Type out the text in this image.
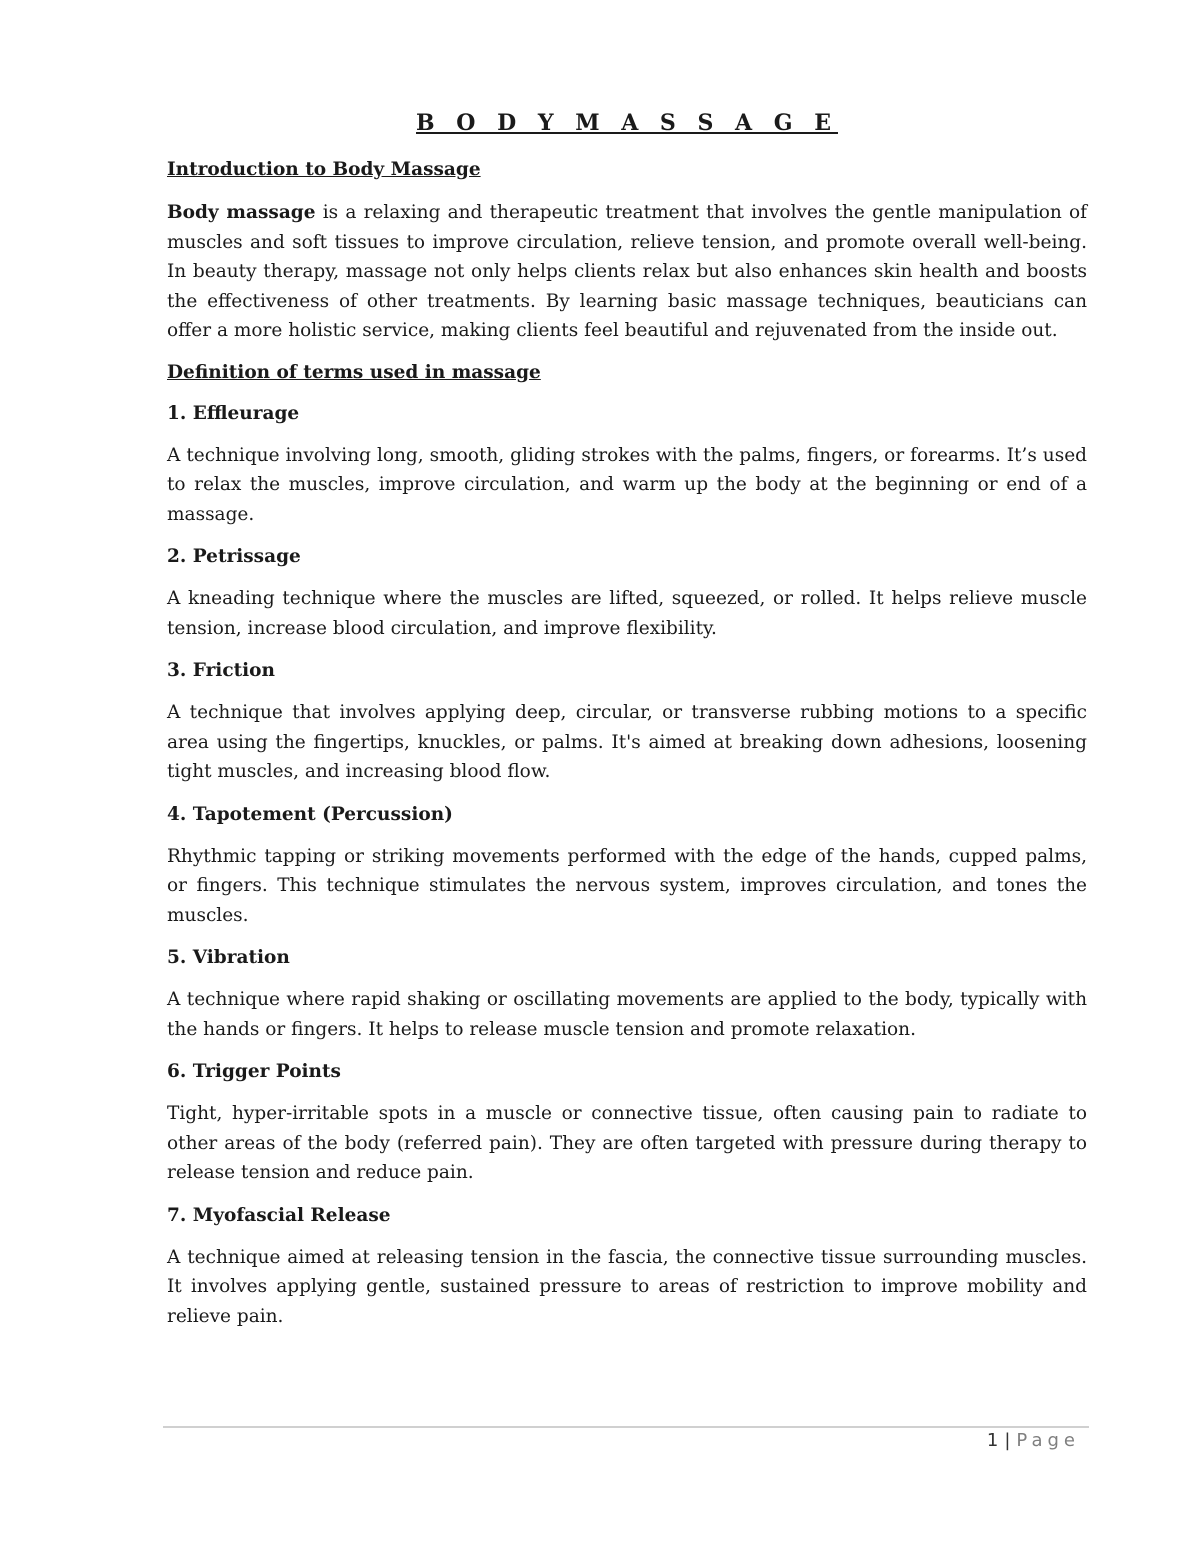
B O D Y M A S S A G E
Introduction to Body Massage

Body massage is a relaxing and therapeutic treatment that involves the gentle manipulation of muscles and soft tissues to improve circulation, relieve tension, and promote overall well-being. In beauty therapy, massage not only helps clients relax but also enhances skin health and boosts the effectiveness of other treatments. By learning basic massage techniques, beauticians can offer a more holistic service, making clients feel beautiful and rejuvenated from the inside out.

Definition of terms used in massage
1. Effleurage

A technique involving long, smooth, gliding strokes with the palms, fingers, or forearms. It’s used to relax the muscles, improve circulation, and warm up the body at the beginning or end of a massage.

2. Petrissage

A kneading technique where the muscles are lifted, squeezed, or rolled. It helps relieve muscle tension, increase blood circulation, and improve flexibility.

3. Friction

A technique that involves applying deep, circular, or transverse rubbing motions to a specific area using the fingertips, knuckles, or palms. It's aimed at breaking down adhesions, loosening tight muscles, and increasing blood flow.

4. Tapotement (Percussion)

Rhythmic tapping or striking movements performed with the edge of the hands, cupped palms, or fingers. This technique stimulates the nervous system, improves circulation, and tones the muscles.

5. Vibration

A technique where rapid shaking or oscillating movements are applied to the body, typically with the hands or fingers. It helps to release muscle tension and promote relaxation.

6. Trigger Points

Tight, hyper-irritable spots in a muscle or connective tissue, often causing pain to radiate to other areas of the body (referred pain). They are often targeted with pressure during therapy to release tension and reduce pain.

7. Myofascial Release

A technique aimed at releasing tension in the fascia, the connective tissue surrounding muscles. It involves applying gentle, sustained pressure to areas of restriction to improve mobility and relieve pain.

1 | Page
